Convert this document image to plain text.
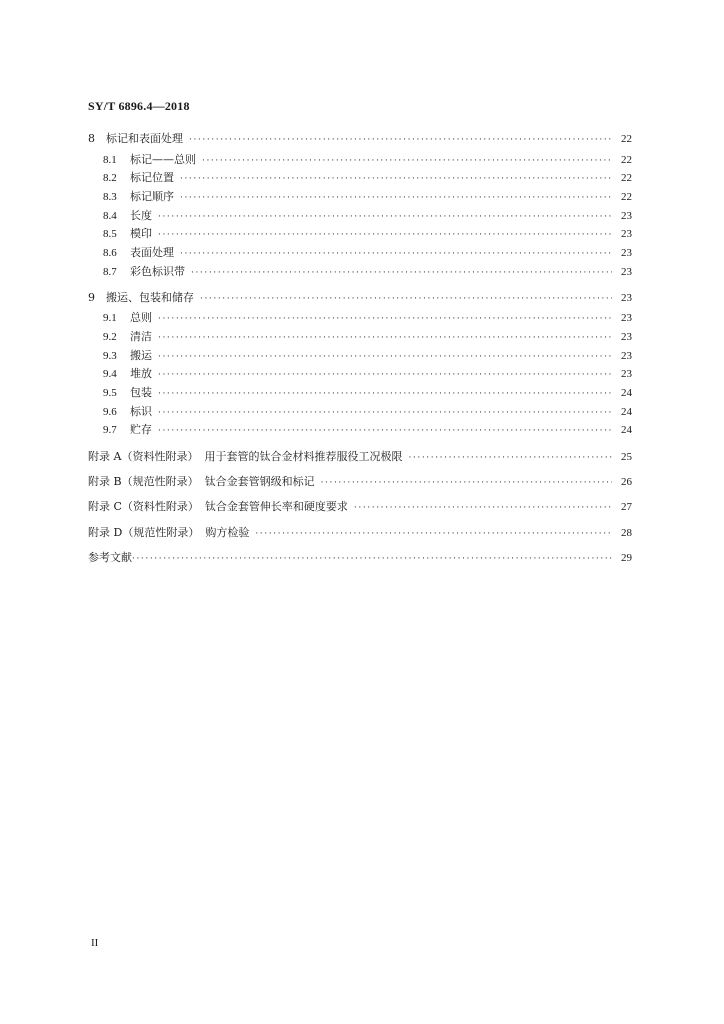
SY/T 6896.4—2018
8	标记和表面处理 ·····	22
8.1	标记——总则 ·····	22
8.2	标记位置 ·····	22
8.3	标记顺序 ·····	22
8.4	长度 ·····	23
8.5	模印 ·····	23
8.6	表面处理 ·····	23
8.7	彩色标识带 ·····	23
9	搬运、包装和储存 ·····	23
9.1	总则 ·····	23
9.2	清洁 ·····	23
9.3	搬运 ·····	23
9.4	堆放 ·····	23
9.5	包装 ·····	24
9.6	标识 ·····	24
9.7	贮存 ·····	24
附录 A（资料性附录） 用于套管的钛合金材料推荐服役工况极限 ·····	25
附录 B（规范性附录） 钛合金套管钢级和标记 ·····	26
附录 C（资料性附录） 钛合金套管伸长率和硬度要求 ·····	27
附录 D（规范性附录） 购方检验 ·····	28
参考文献 ·····	29
II
